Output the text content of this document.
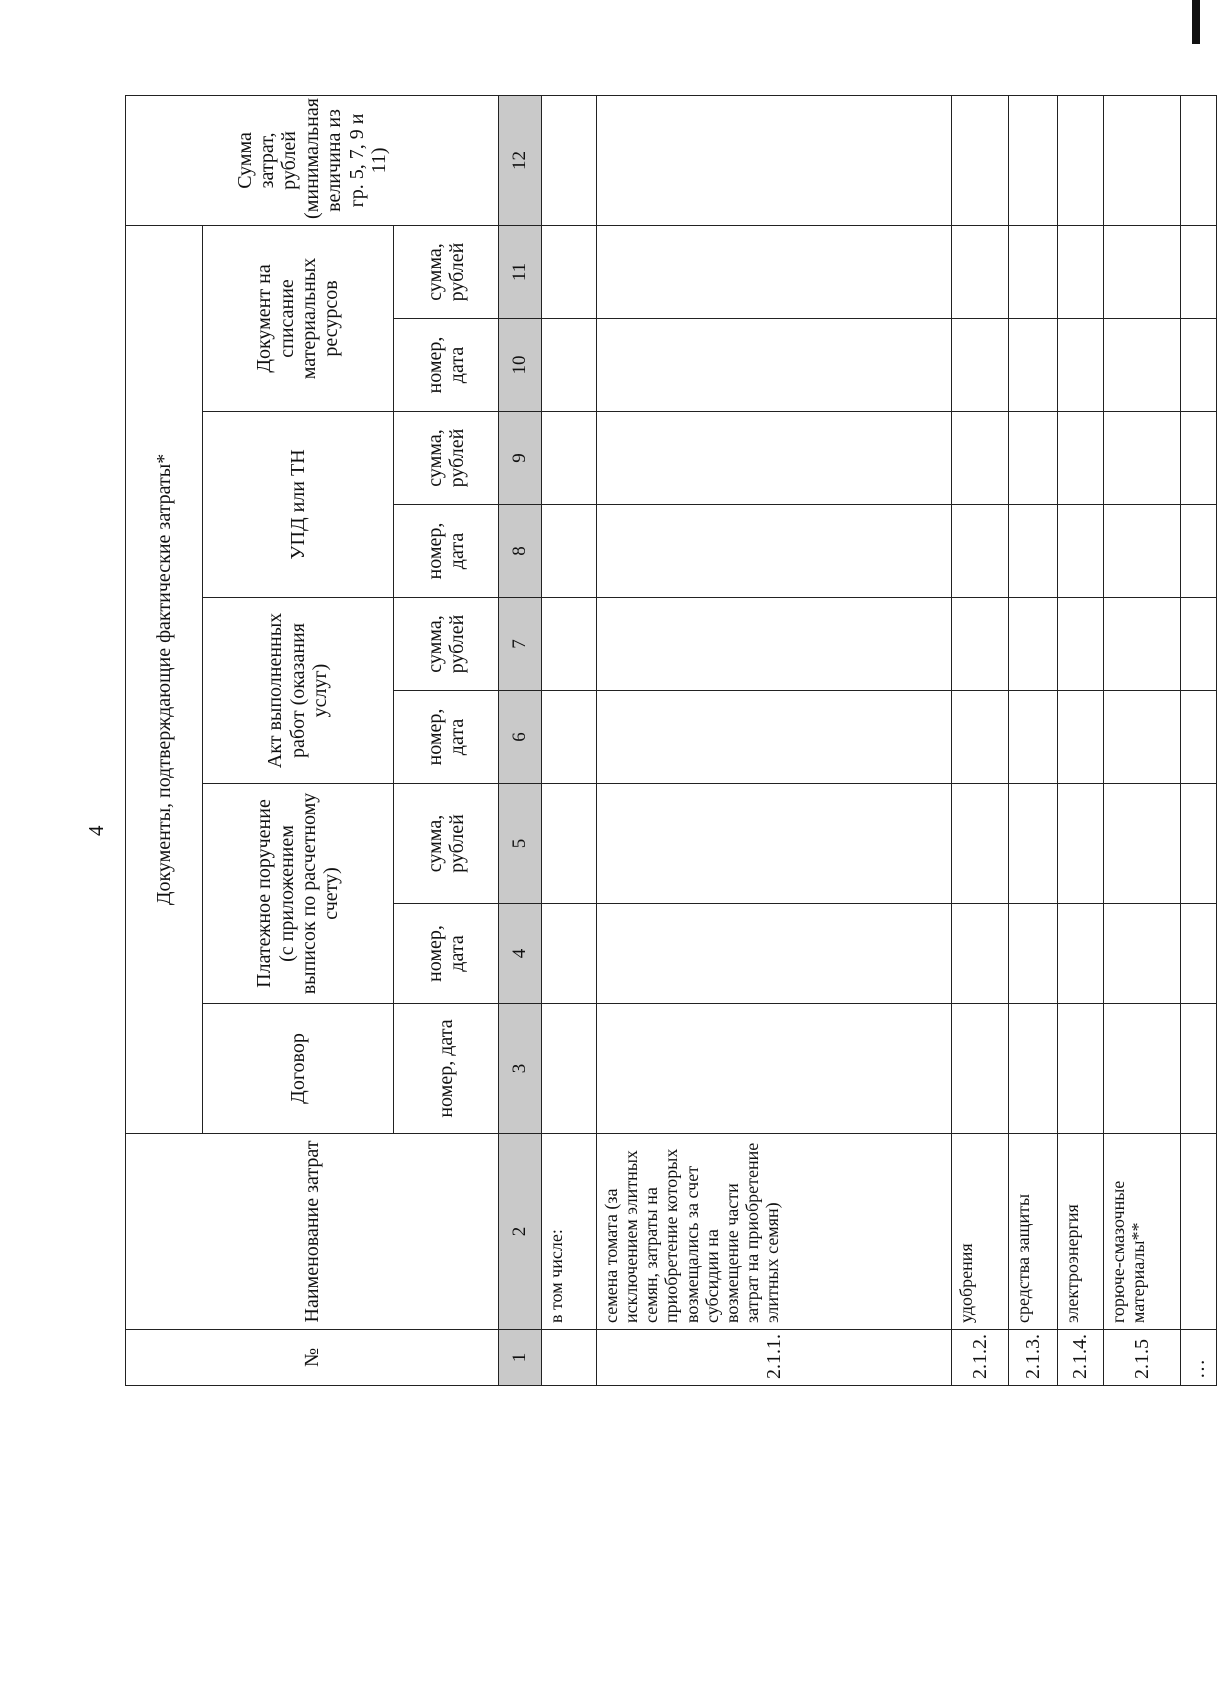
4
№	Наименование затрат	Документы, подтверждающие фактические затраты*									Сумма затрат, рублей (минимальная величина из гр. 5, 7, 9 и 11)
		Договор	Платежное поручение (с приложением выписок по расчетному счету)		Акт выполненных работ (оказания услуг)		УПД или ТН		Документ на списание материальных ресурсов		
		номер, дата	номер, дата	сумма, рублей	номер, дата	сумма, рублей	номер, дата	сумма, рублей	номер, дата	сумма, рублей	
1	2	3	4	5	6	7	8	9	10	11	12
	в том числе:										
2.1.1.	семена томата (за исключением элитных семян, затраты на приобретение которых возмещались за счет субсидии на возмещение части затрат на приобретение элитных семян)										
2.1.2.	удобрения										
2.1.3.	средства защиты										
2.1.4.	электроэнергия										
2.1.5	горюче-смазочные материалы**										
…											
